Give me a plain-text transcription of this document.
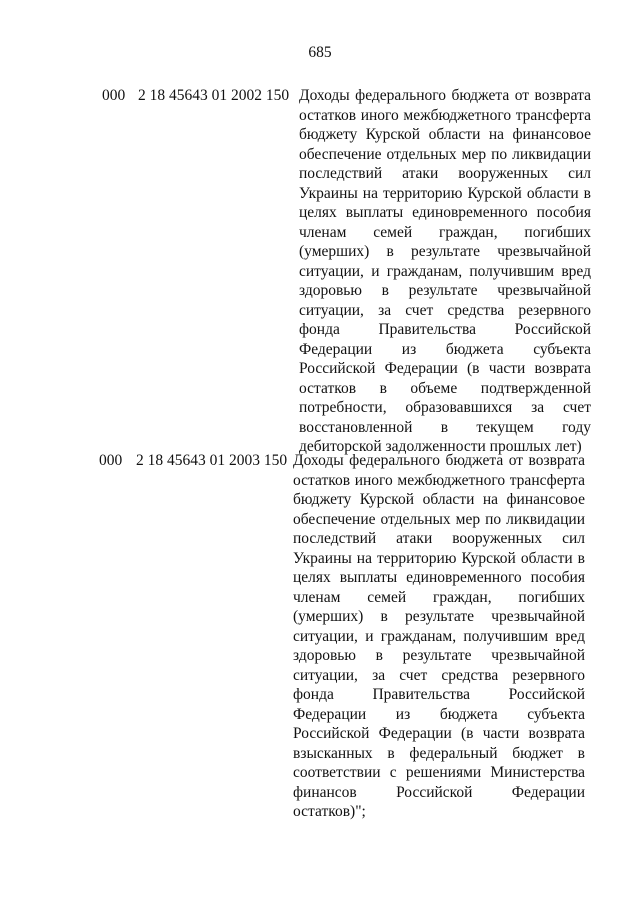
685
000 2 18 45643 01 2002 150 Доходы федерального бюджета от возврата остатков иного межбюджетного трансферта бюджету Курской области на финансовое обеспечение отдельных мер по ликвидации последствий атаки вооруженных сил Украины на территорию Курской области в целях выплаты единовременного пособия членам семей граждан, погибших (умерших) в результате чрезвычайной ситуации, и гражданам, получившим вред здоровью в результате чрезвычайной ситуации, за счет средства резервного фонда Правительства Российской Федерации из бюджета субъекта Российской Федерации (в части возврата остатков в объеме подтвержденной потребности, образовавшихся за счет восстановленной в текущем году дебиторской задолженности прошлых лет)
000 2 18 45643 01 2003 150 Доходы федерального бюджета от возврата остатков иного межбюджетного трансферта бюджету Курской области на финансовое обеспечение отдельных мер по ликвидации последствий атаки вооруженных сил Украины на территорию Курской области в целях выплаты единовременного пособия членам семей граждан, погибших (умерших) в результате чрезвычайной ситуации, и гражданам, получившим вред здоровью в результате чрезвычайной ситуации, за счет средства резервного фонда Правительства Российской Федерации из бюджета субъекта Российской Федерации (в части возврата взысканных в федеральный бюджет в соответствии с решениями Министерства финансов Российской Федерации остатков)";
